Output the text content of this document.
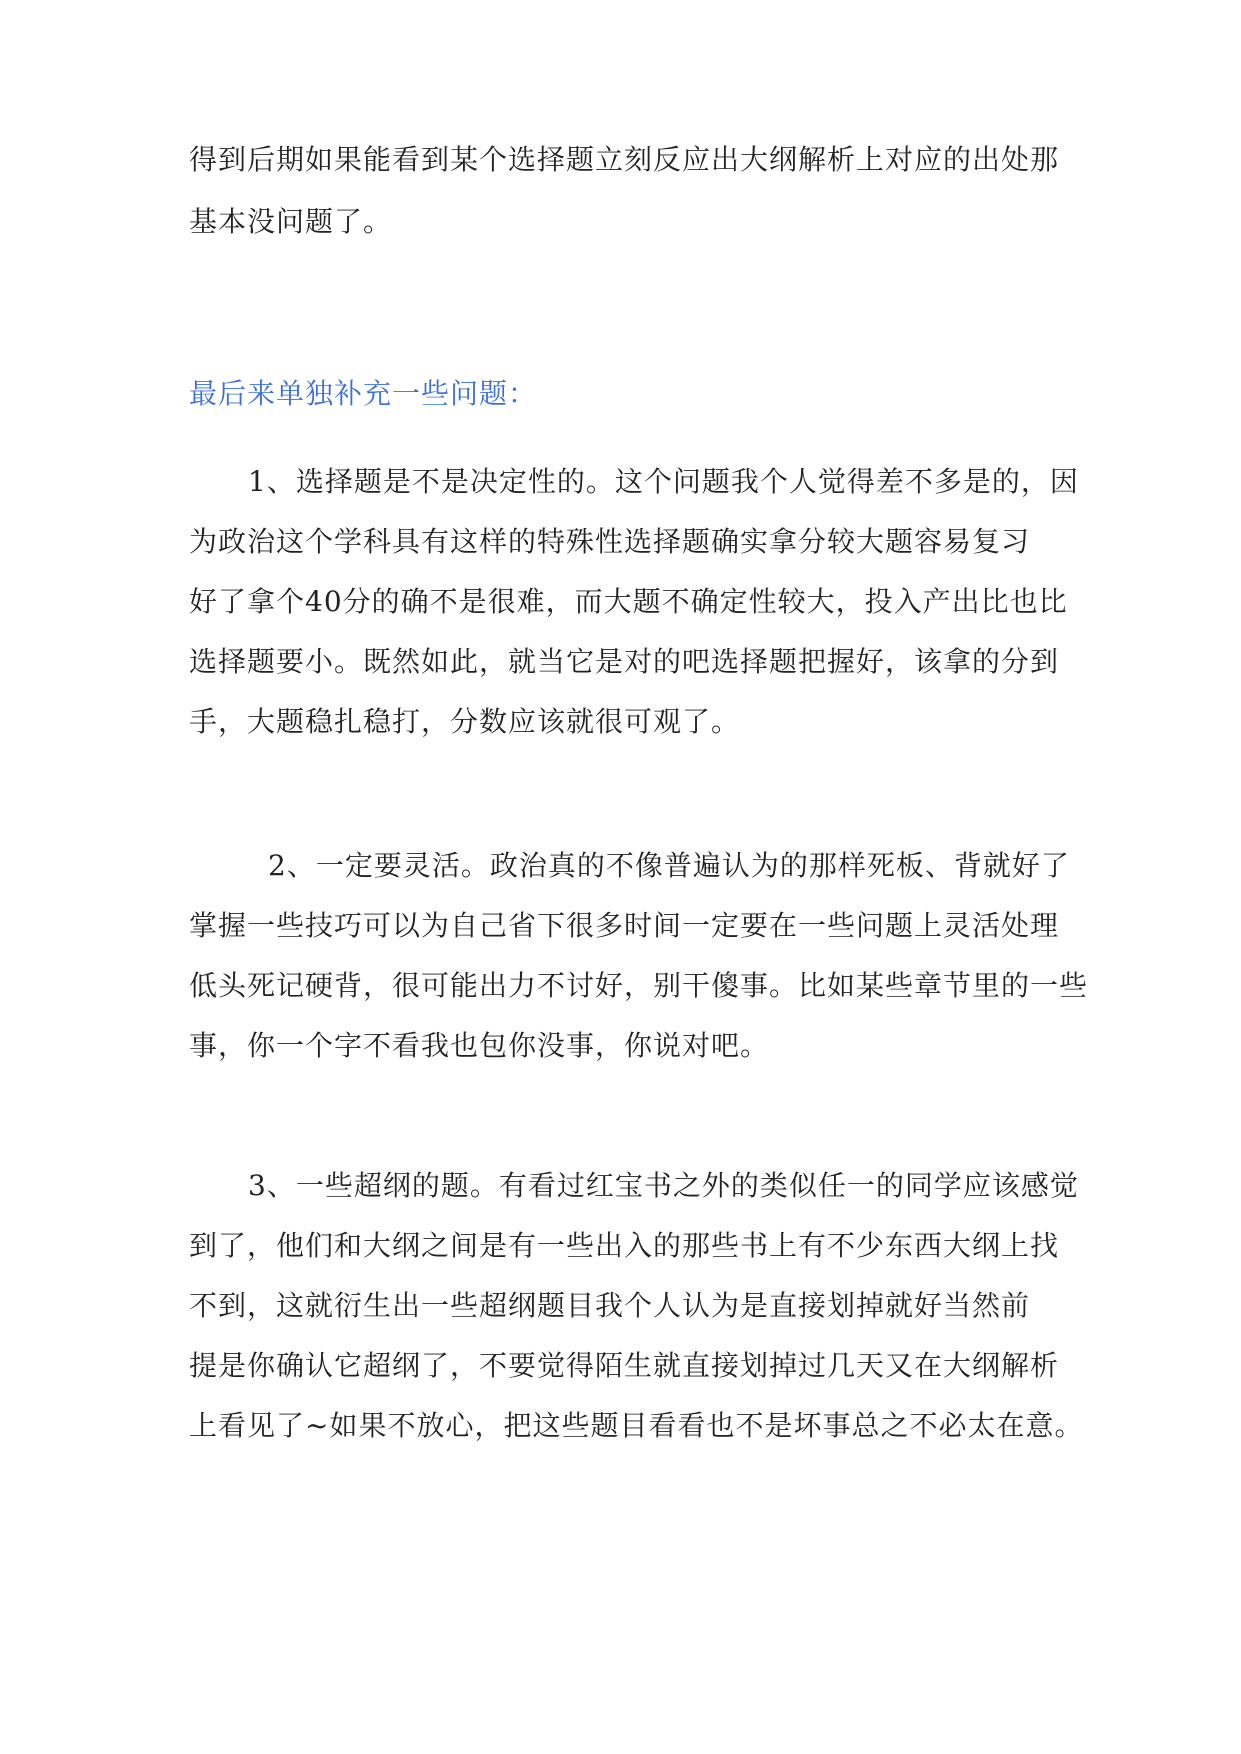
得到后期如果能看到某个选择题立刻反应出大纲解析上对应的出处那
基本没问题了。
最后来单独补充一些问题：
1、选择题是不是决定性的。这个问题我个人觉得差不多是的，因
为政治这个学科具有这样的特殊性选择题确实拿分较大题容易复习
好了拿个40分的确不是很难，而大题不确定性较大，投入产出比也比
选择题要小。既然如此，就当它是对的吧选择题把握好，该拿的分到
手，大题稳扎稳打，分数应该就很可观了。
2、一定要灵活。政治真的不像普遍认为的那样死板、背就好了
掌握一些技巧可以为自己省下很多时间一定要在一些问题上灵活处理
低头死记硬背，很可能出力不讨好，别干傻事。比如某些章节里的一些
事，你一个字不看我也包你没事，你说对吧。
3、一些超纲的题。有看过红宝书之外的类似任一的同学应该感觉
到了，他们和大纲之间是有一些出入的那些书上有不少东西大纲上找
不到，这就衍生出一些超纲题目我个人认为是直接划掉就好当然前
提是你确认它超纲了，不要觉得陌生就直接划掉过几天又在大纲解析
上看见了~如果不放心，把这些题目看看也不是坏事总之不必太在意。
